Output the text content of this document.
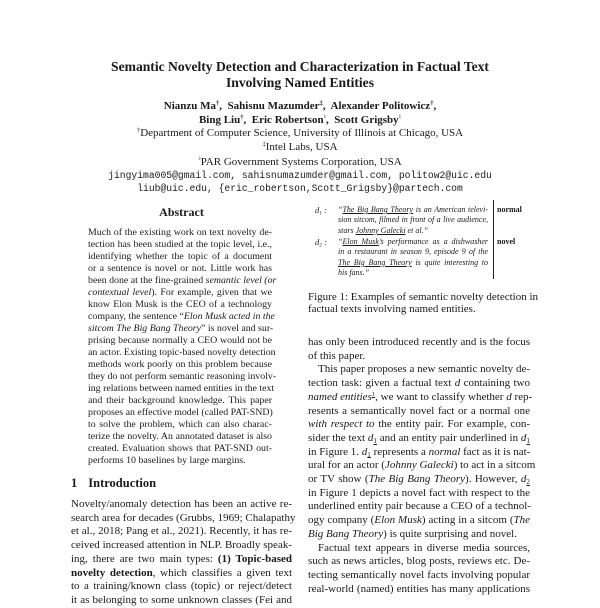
Semantic Novelty Detection and Characterization in Factual Text
Involving Named Entities
Nianzu Ma†,  Sahisnu Mazumder‡,  Alexander Politowicz†,
Bing Liu†,  Eric Robertson♮,  Scott Grigsby♮
†Department of Computer Science, University of Illinois at Chicago, USA
‡Intel Labs, USA
♮PAR Government Systems Corporation, USA
jingyima005@gmail.com, sahisnumazumder@gmail.com, politow2@uic.edu
liub@uic.edu, {eric_robertson,Scott_Grigsby}@partech.com
Abstract
Much of the existing work on text novelty de-
tection has been studied at the topic level, i.e.,
identifying whether the topic of a document
or a sentence is novel or not. Little work has
been done at the fine-grained semantic level (or
contextual level). For example, given that we
know Elon Musk is the CEO of a technology
company, the sentence “Elon Musk acted in the
sitcom The Big Bang Theory” is novel and sur-
prising because normally a CEO would not be
an actor. Existing topic-based novelty detection
methods work poorly on this problem because
they do not perform semantic reasoning involv-
ing relations between named entities in the text
and their background knowledge. This paper
proposes an effective model (called PAT-SND)
to solve the problem, which can also charac-
terize the novelty. An annotated dataset is also
created. Evaluation shows that PAT-SND out-
performs 10 baselines by large margins.
1 Introduction
Novelty/anomaly detection has been an active re-
search area for decades (Grubbs, 1969; Chalapathy
et al., 2018; Pang et al., 2021). Recently, it has re-
ceived increased attention in NLP. Broadly speak-
ing, there are two main types: (1) Topic-based
novelty detection, which classifies a given text
to a training/known class (topic) or reject/detect
it as belonging to some unknown classes (Fei and
$d_1$ : “The Big Bang Theory is an American televi-
sion sitcom, filmed in front of a live audience,
stars Johnny Galecki et al.”
normal
$d_2$ : “Elon Musk’s performance as a dishwasher
in a restaurant in season 9, episode 9 of the
The Big Bang Theory is quite interesting to
his fans.”
novel
Figure 1: Examples of semantic novelty detection in
factual texts involving named entities.
has only been introduced recently and is the focus
of this paper.
This paper proposes a new semantic novelty de-
tection task: given a factual text d containing two
named entities$^1$, we want to classify whether d rep-
resents a semantically novel fact or a normal one
with respect to the entity pair. For example, con-
sider the text $d_1$ and an entity pair underlined in $d_1$
in Figure 1. $d_1$ represents a normal fact as it is nat-
ural for an actor (Johnny Galecki) to act in a sitcom
or TV show (The Big Bang Theory). However, $d_2$
in Figure 1 depicts a novel fact with respect to the
underlined entity pair because a CEO of a technol-
ogy company (Elon Musk) acting in a sitcom (The
Big Bang Theory) is quite surprising and novel.
Factual text appears in diverse media sources,
such as news articles, blog posts, reviews etc. De-
tecting semantically novel facts involving popular
real-world (named) entities has many applications
